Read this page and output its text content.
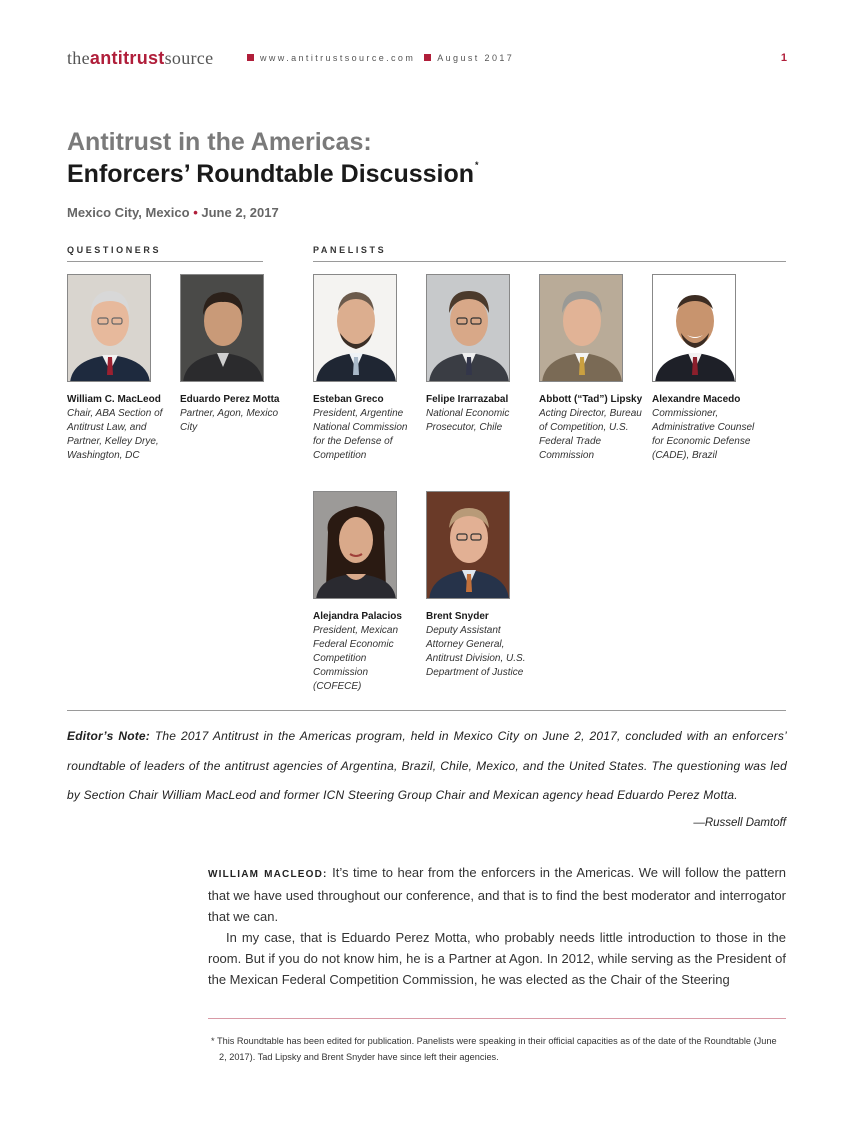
theantitrustsource	www.antitrustsource.com August 2017	1
Antitrust in the Americas:
Enforcers’ Roundtable Discussion*
Mexico City, Mexico • June 2, 2017
QUESTIONERS	PANELISTS
William C. MacLeod
Chair, ABA Section of Antitrust Law, and Partner, Kelley Drye, Washington, DC
Eduardo Perez Motta
Partner, Agon, Mexico City
Esteban Greco
President, Argentine National Commission for the Defense of Competition
Felipe Irarrazabal
National Economic Prosecutor, Chile
Abbott (“Tad”) Lipsky
Acting Director, Bureau of Competition, U.S. Federal Trade Commission
Alexandre Macedo
Commissioner, Administrative Counsel for Economic Defense (CADE), Brazil
Alejandra Palacios
President, Mexican Federal Economic Competition Commission (COFECE)
Brent Snyder
Deputy Assistant Attorney General, Antitrust Division, U.S. Department of Justice
Editor’s Note: The 2017 Antitrust in the Americas program, held in Mexico City on June 2, 2017, concluded with an enforcers’ roundtable of leaders of the antitrust agencies of Argentina, Brazil, Chile, Mexico, and the United States. The questioning was led by Section Chair William MacLeod and former ICN Steering Group Chair and Mexican agency head Eduardo Perez Motta.
—Russell Damtoff

WILLIAM MACLEOD: It’s time to hear from the enforcers in the Americas. We will follow the pattern that we have used throughout our conference, and that is to find the best moderator and interrogator that we can.

In my case, that is Eduardo Perez Motta, who probably needs little introduction to those in the room. But if you do not know him, he is a Partner at Agon. In 2012, while serving as the President of the Mexican Federal Competition Commission, he was elected as the Chair of the Steering

* This Roundtable has been edited for publication. Panelists were speaking in their official capacities as of the date of the Roundtable (June 2, 2017). Tad Lipsky and Brent Snyder have since left their agencies.
